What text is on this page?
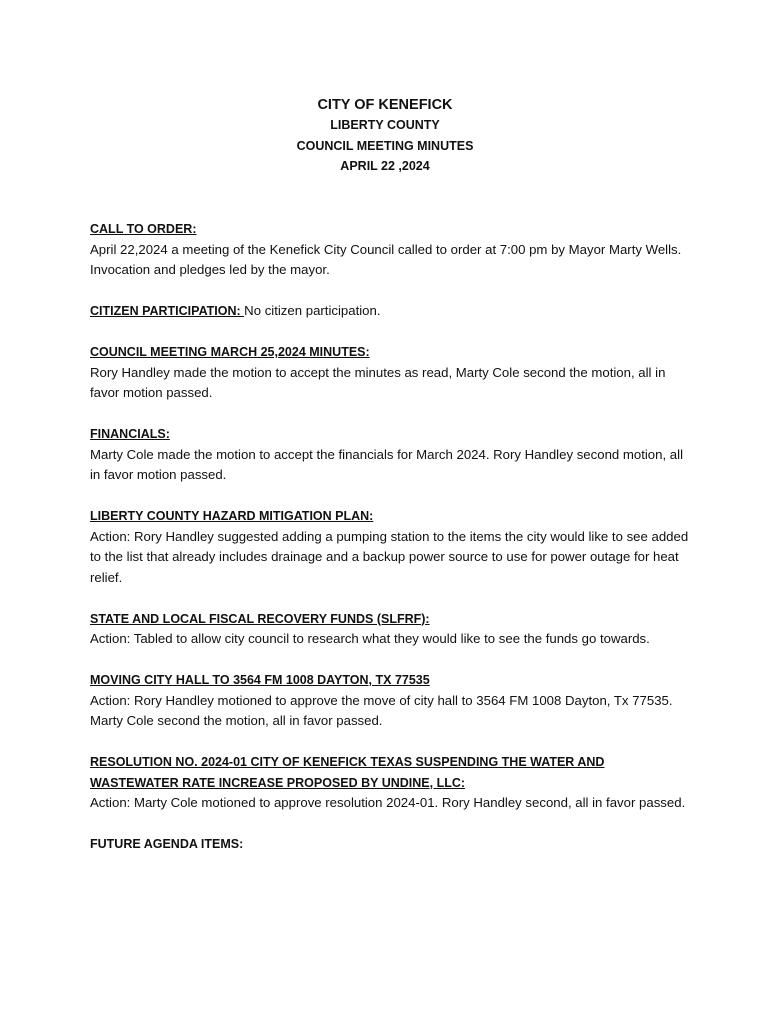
CITY OF KENEFICK

LIBERTY COUNTY

COUNCIL MEETING MINUTES

APRIL 22 ,2024

CALL TO ORDER:

April 22,2024 a meeting of the Kenefick City Council called to order at 7:00 pm by Mayor Marty Wells. Invocation and pledges led by the mayor.

CITIZEN PARTICIPATION: No citizen participation.

COUNCIL MEETING MARCH 25,2024 MINUTES:

Rory Handley made the motion to accept the minutes as read, Marty Cole second the motion, all in favor motion passed.

FINANCIALS:

Marty Cole made the motion to accept the financials for March 2024. Rory Handley second motion, all in favor motion passed.

LIBERTY COUNTY HAZARD MITIGATION PLAN:

Action: Rory Handley suggested adding a pumping station to the items the city would like to see added to the list that already includes drainage and a backup power source to use for power outage for heat relief.

STATE AND LOCAL FISCAL RECOVERY FUNDS (SLFRF):

Action: Tabled to allow city council to research what they would like to see the funds go towards.

MOVING CITY HALL TO 3564 FM 1008 DAYTON, TX 77535

Action: Rory Handley motioned to approve the move of city hall to 3564 FM 1008 Dayton, Tx 77535. Marty Cole second the motion, all in favor passed.

RESOLUTION NO. 2024-01 CITY OF KENEFICK TEXAS SUSPENDING THE WATER AND WASTEWATER RATE INCREASE PROPOSED BY UNDINE, LLC:

Action: Marty Cole motioned to approve resolution 2024-01. Rory Handley second, all in favor passed.

FUTURE AGENDA ITEMS:
